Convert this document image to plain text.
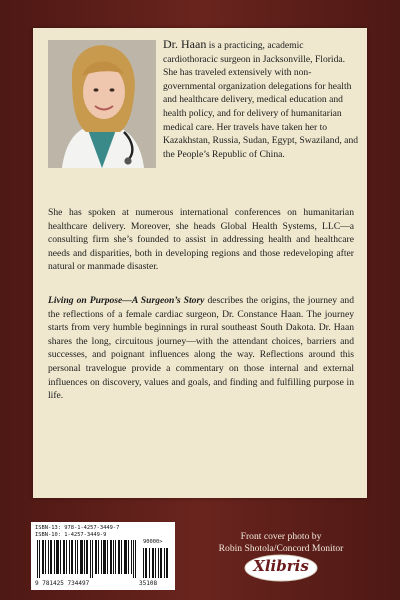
Dr. Haan is a practicing, academic cardiothoracic surgeon in Jacksonville, Florida. She has traveled extensively with non-governmental organization delegations for health and healthcare delivery, medical education and health policy, and for delivery of humanitarian medical care. Her travels have taken her to Kazakhstan, Russia, Sudan, Egypt, Swaziland, and the People’s Republic of China.
She has spoken at numerous international conferences on humanitarian healthcare delivery. Moreover, she heads Global Health Systems, LLC—a consulting firm she’s founded to assist in addressing health and healthcare needs and disparities, both in developing regions and those redeveloping after natural or manmade disaster.
Living on Purpose—A Surgeon’s Story describes the origins, the journey and the reflections of a female cardiac surgeon, Dr. Constance Haan. The journey starts from very humble beginnings in rural southeast South Dakota. Dr. Haan shares the long, circuitous journey—with the attendant choices, barriers and successes, and poignant influences along the way. Reflections around this personal travelogue provide a commentary on those internal and external influences on discovery, values and goals, and finding and fulfilling purpose in life.
ISBN-13: 978-1-4257-3449-7
ISBN-10: 1-4257-3449-9
90000>
9 781425 734497	35108
Front cover photo by
Robin Shotola/Concord Monitor
Xlibris
